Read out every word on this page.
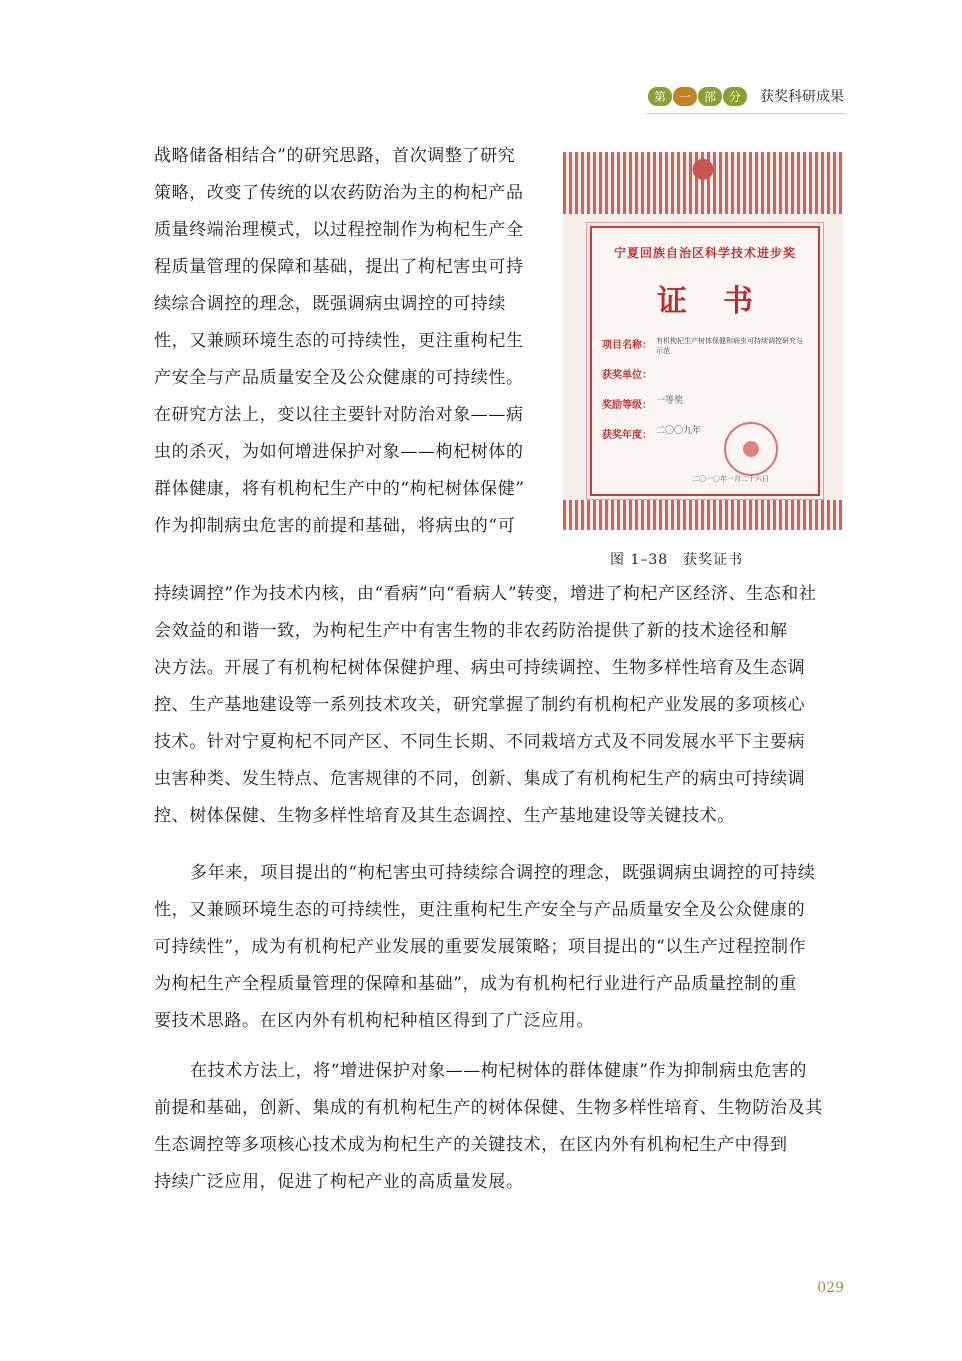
第	一	部	分	获奖科研成果
战略储备相结合”的研究思路，首次调整了研究
策略，改变了传统的以农药防治为主的枸杞产品
质量终端治理模式，以过程控制作为枸杞生产全
程质量管理的保障和基础，提出了枸杞害虫可持
续综合调控的理念，既强调病虫调控的可持续
性，又兼顾环境生态的可持续性，更注重枸杞生
产安全与产品质量安全及公众健康的可持续性。
在研究方法上，变以往主要针对防治对象——病
虫的杀灭，为如何增进保护对象——枸杞树体的
群体健康，将有机枸杞生产中的“枸杞树体保健”
作为抑制病虫危害的前提和基础，将病虫的“可
宁夏回族自治区科学技术进步奖
证书
项目名称： 有机枸杞生产树体保健和病虫可持续调控研究与示范
获奖单位：
奖励等级： 一等奖
获奖年度： 二〇〇九年
二〇一〇年一月二十六日
图 1–38　获奖证书
持续调控”作为技术内核，由“看病”向“看病人”转变，增进了枸杞产区经济、生态和社
会效益的和谐一致，为枸杞生产中有害生物的非农药防治提供了新的技术途径和解
决方法。开展了有机枸杞树体保健护理、病虫可持续调控、生物多样性培育及生态调
控、生产基地建设等一系列技术攻关，研究掌握了制约有机枸杞产业发展的多项核心
技术。针对宁夏枸杞不同产区、不同生长期、不同栽培方式及不同发展水平下主要病
虫害种类、发生特点、危害规律的不同，创新、集成了有机枸杞生产的病虫可持续调
控、树体保健、生物多样性培育及其生态调控、生产基地建设等关键技术。
多年来，项目提出的“枸杞害虫可持续综合调控的理念，既强调病虫调控的可持续
性，又兼顾环境生态的可持续性，更注重枸杞生产安全与产品质量安全及公众健康的
可持续性”，成为有机枸杞产业发展的重要发展策略；项目提出的“以生产过程控制作
为枸杞生产全程质量管理的保障和基础”，成为有机枸杞行业进行产品质量控制的重
要技术思路。在区内外有机枸杞种植区得到了广泛应用。
在技术方法上，将“增进保护对象——枸杞树体的群体健康”作为抑制病虫危害的
前提和基础，创新、集成的有机枸杞生产的树体保健、生物多样性培育、生物防治及其
生态调控等多项核心技术成为枸杞生产的关键技术，在区内外有机枸杞生产中得到
持续广泛应用，促进了枸杞产业的高质量发展。
029
